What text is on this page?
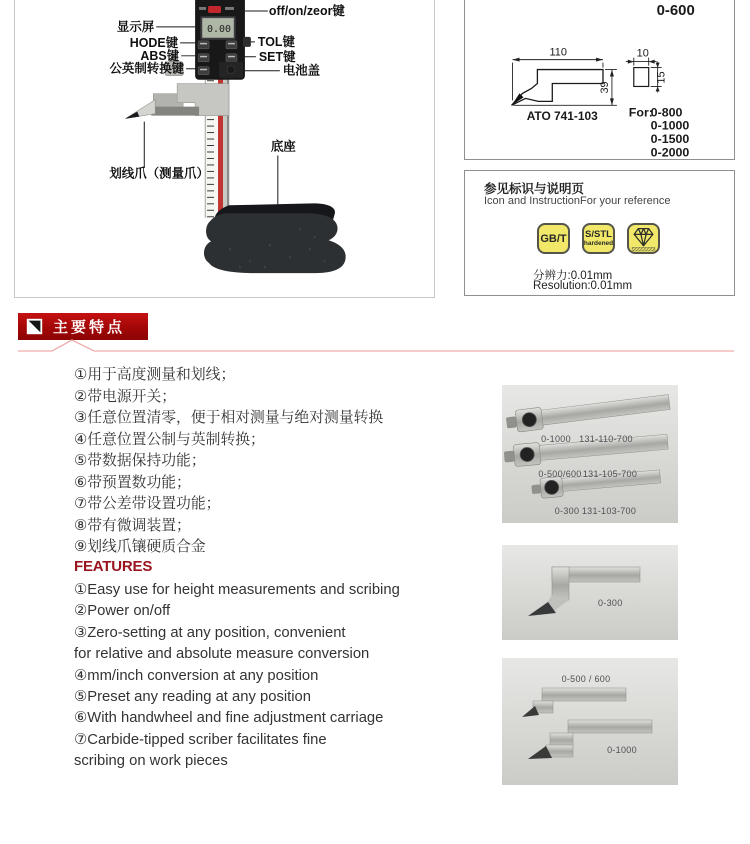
0.00
off/on/zeor键
显示屏
HODE键	TOL键
ABS键	SET键
公英制转换键	电池盖
底座
划线爪（测量爪）
0-600
110
39
10
15
ATO 741-103 For:
0-800
0-1000
0-1500
0-2000
参见标识与说明页
Icon and InstructionFor your reference
GB/T S/STL
hardened
分辨力:0.01mm
Resolution:0.01mm
主要特点
①用于高度测量和划线；
②带电源开关；
③任意位置清零，便于相对测量与绝对测量转换
④任意位置公制与英制转换；
⑤带数据保持功能；
⑥带预置数功能；
⑦带公差带设置功能；
⑧带有微调装置；
⑨划线爪镶硬质合金
FEATURES
①Easy use for height measurements and scribing
②Power on/off
③Zero-setting at any position, convenient
for relative and absolute measure conversion
④mm/inch conversion at any position
⑤Preset any reading at any position
⑥With handwheel and fine adjustment carriage
⑦Carbide-tipped scriber facilitates fine
scribing on work pieces
0-1000 131-110-700
0-500/600 131-105-700
0-300 131-103-700
0-300
0-500 / 600
0-1000
